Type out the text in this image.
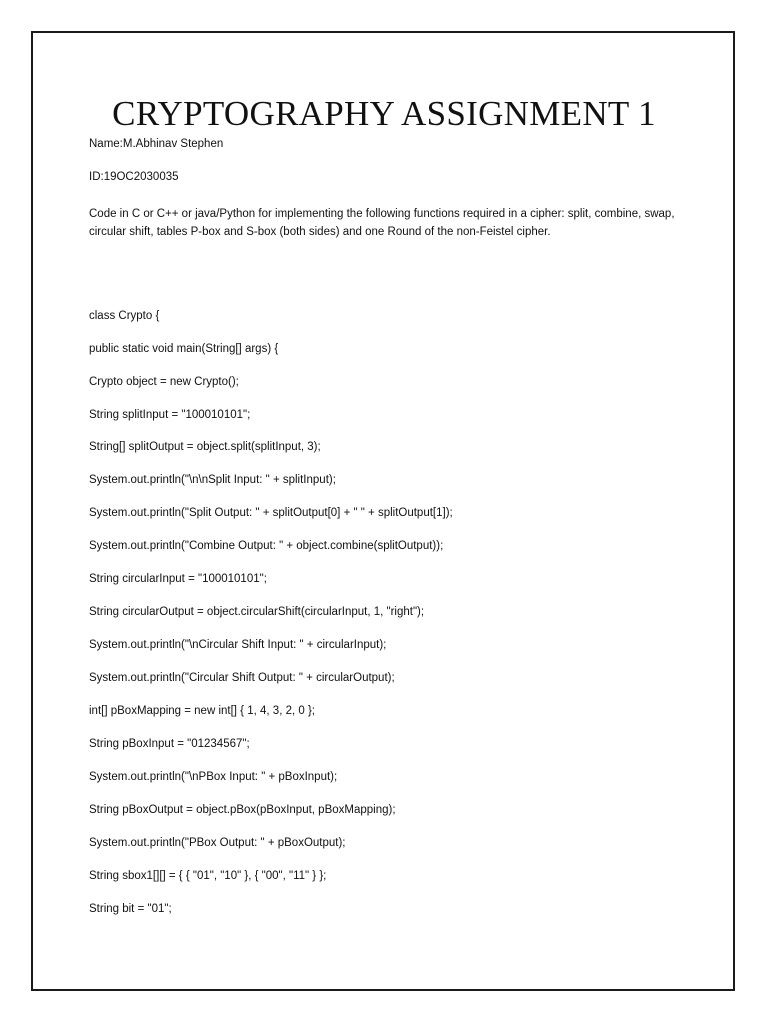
CRYPTOGRAPHY ASSIGNMENT 1
Name:M.Abhinav Stephen
ID:19OC2030035
Code in C or C++ or java/Python for implementing the following functions required in a cipher: split, combine, swap, circular shift, tables P-box and S-box (both sides) and one Round of the non-Feistel cipher.
class Crypto {
public static void main(String[] args) {
Crypto object = new Crypto();
String splitInput = "100010101";
String[] splitOutput = object.split(splitInput, 3);
System.out.println("\n\nSplit Input: " + splitInput);
System.out.println("Split Output: " + splitOutput[0] + " " + splitOutput[1]);
System.out.println("Combine Output: " + object.combine(splitOutput));
String circularInput = "100010101";
String circularOutput = object.circularShift(circularInput, 1, "right");
System.out.println("\nCircular Shift Input: " + circularInput);
System.out.println("Circular Shift Output: " + circularOutput);
int[] pBoxMapping = new int[] { 1, 4, 3, 2, 0 };
String pBoxInput = "01234567";
System.out.println("\nPBox Input: " + pBoxInput);
String pBoxOutput = object.pBox(pBoxInput, pBoxMapping);
System.out.println("PBox Output: " + pBoxOutput);
String sbox1[][] = { { "01", "10" }, { "00", "11" } };
String bit = "01";
